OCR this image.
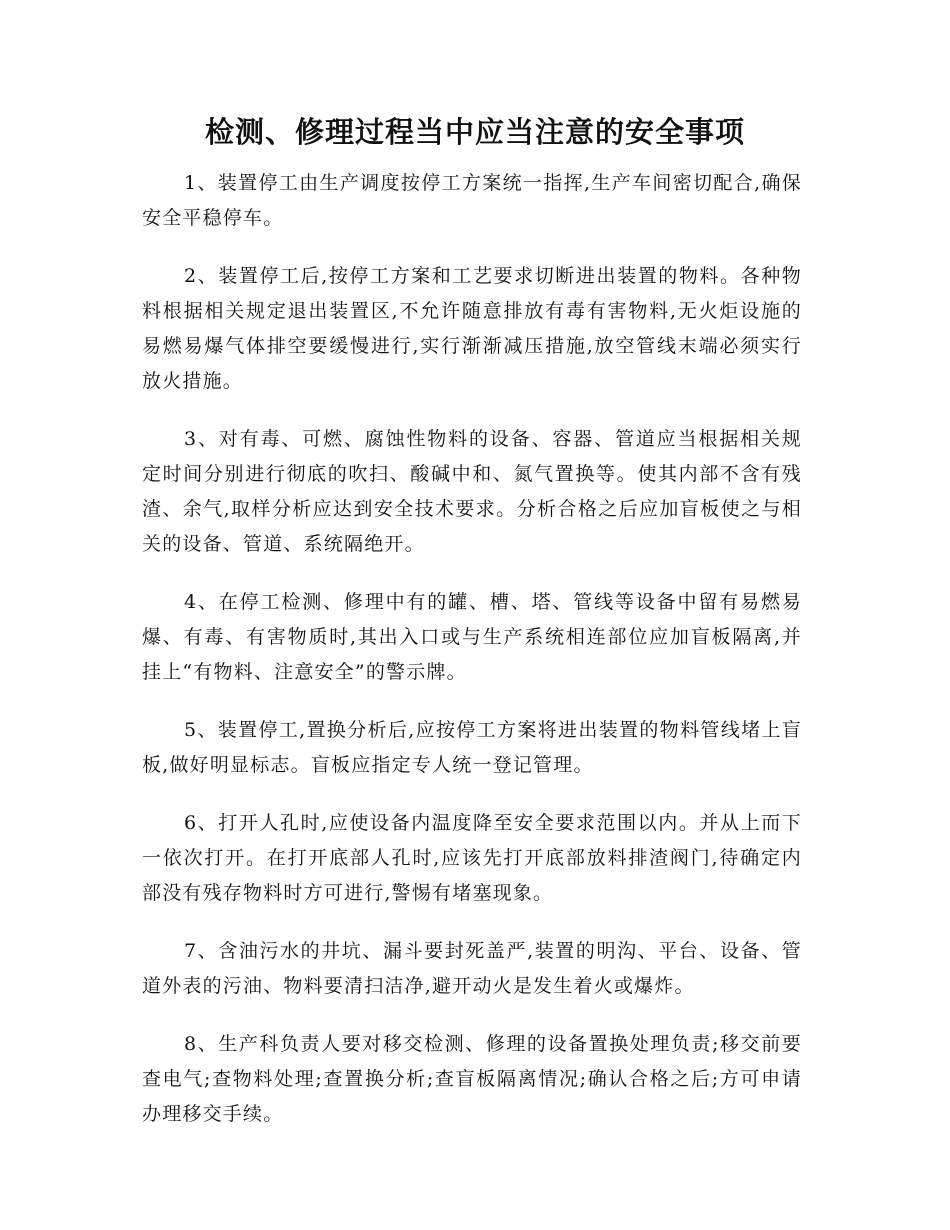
检测、修理过程当中应当注意的安全事项

1、装置停工由生产调度按停工方案统一指挥,生产车间密切配合,确保安全平稳停车。

2、装置停工后,按停工方案和工艺要求切断进出装置的物料。各种物料根据相关规定退出装置区,不允许随意排放有毒有害物料,无火炬设施的易燃易爆气体排空要缓慢进行,实行渐渐减压措施,放空管线末端必须实行放火措施。

3、对有毒、可燃、腐蚀性物料的设备、容器、管道应当根据相关规定时间分别进行彻底的吹扫、酸碱中和、氮气置换等。使其内部不含有残渣、余气,取样分析应达到安全技术要求。分析合格之后应加盲板使之与相关的设备、管道、系统隔绝开。

4、在停工检测、修理中有的罐、槽、塔、管线等设备中留有易燃易爆、有毒、有害物质时,其出入口或与生产系统相连部位应加盲板隔离,并挂上“有物料、注意安全”的警示牌。

5、装置停工,置换分析后,应按停工方案将进出装置的物料管线堵上盲板,做好明显标志。盲板应指定专人统一登记管理。

6、打开人孔时,应使设备内温度降至安全要求范围以内。并从上而下一依次打开。在打开底部人孔时,应该先打开底部放料排渣阀门,待确定内部没有残存物料时方可进行,警惕有堵塞现象。

7、含油污水的井坑、漏斗要封死盖严,装置的明沟、平台、设备、管道外表的污油、物料要清扫洁净,避开动火是发生着火或爆炸。

8、生产科负责人要对移交检测、修理的设备置换处理负责;移交前要查电气;查物料处理;查置换分析;查盲板隔离情况;确认合格之后;方可申请办理移交手续。
